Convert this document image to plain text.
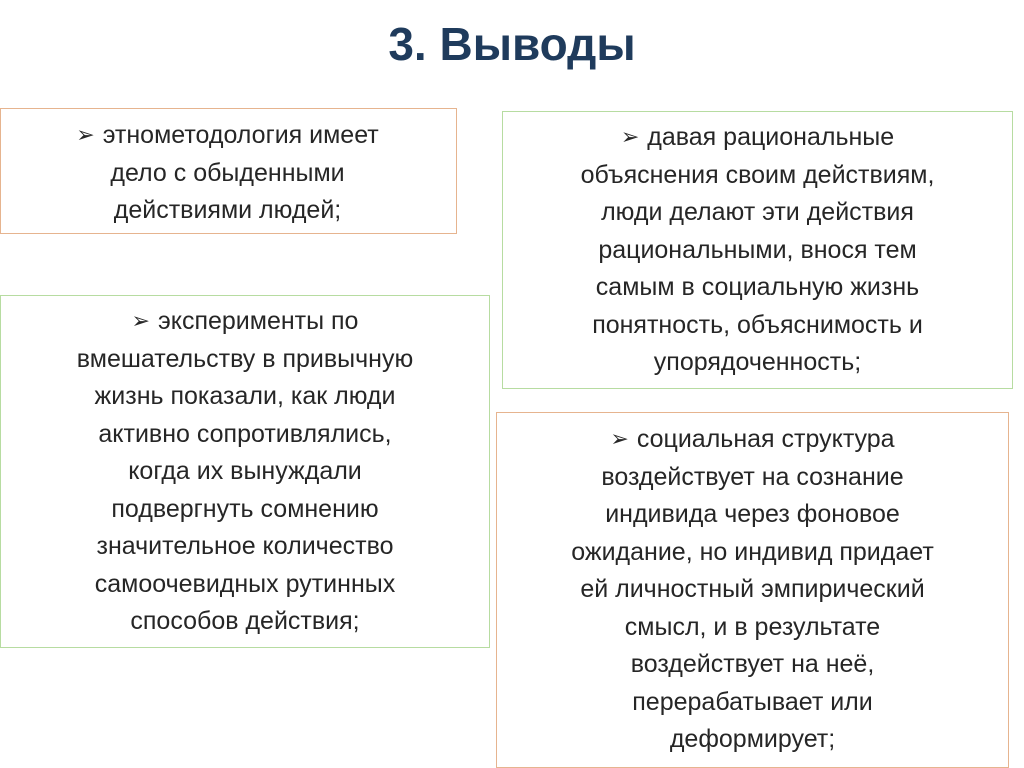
3. Выводы
➢ этнометодология имеет
дело с обыденными
действиями людей;
➢ давая рациональные
объяснения своим действиям,
люди делают эти действия
рациональными, внося тем
самым в социальную жизнь
понятность, объяснимость и
упорядоченность;
➢ эксперименты по
вмешательству в привычную
жизнь показали, как люди
активно сопротивлялись,
когда их вынуждали
подвергнуть сомнению
значительное количество
самоочевидных рутинных
способов действия;
➢ социальная структура
воздействует на сознание
индивида через фоновое
ожидание, но индивид придает
ей личностный эмпирический
смысл, и в результате
воздействует на неё,
перерабатывает или
деформирует;
